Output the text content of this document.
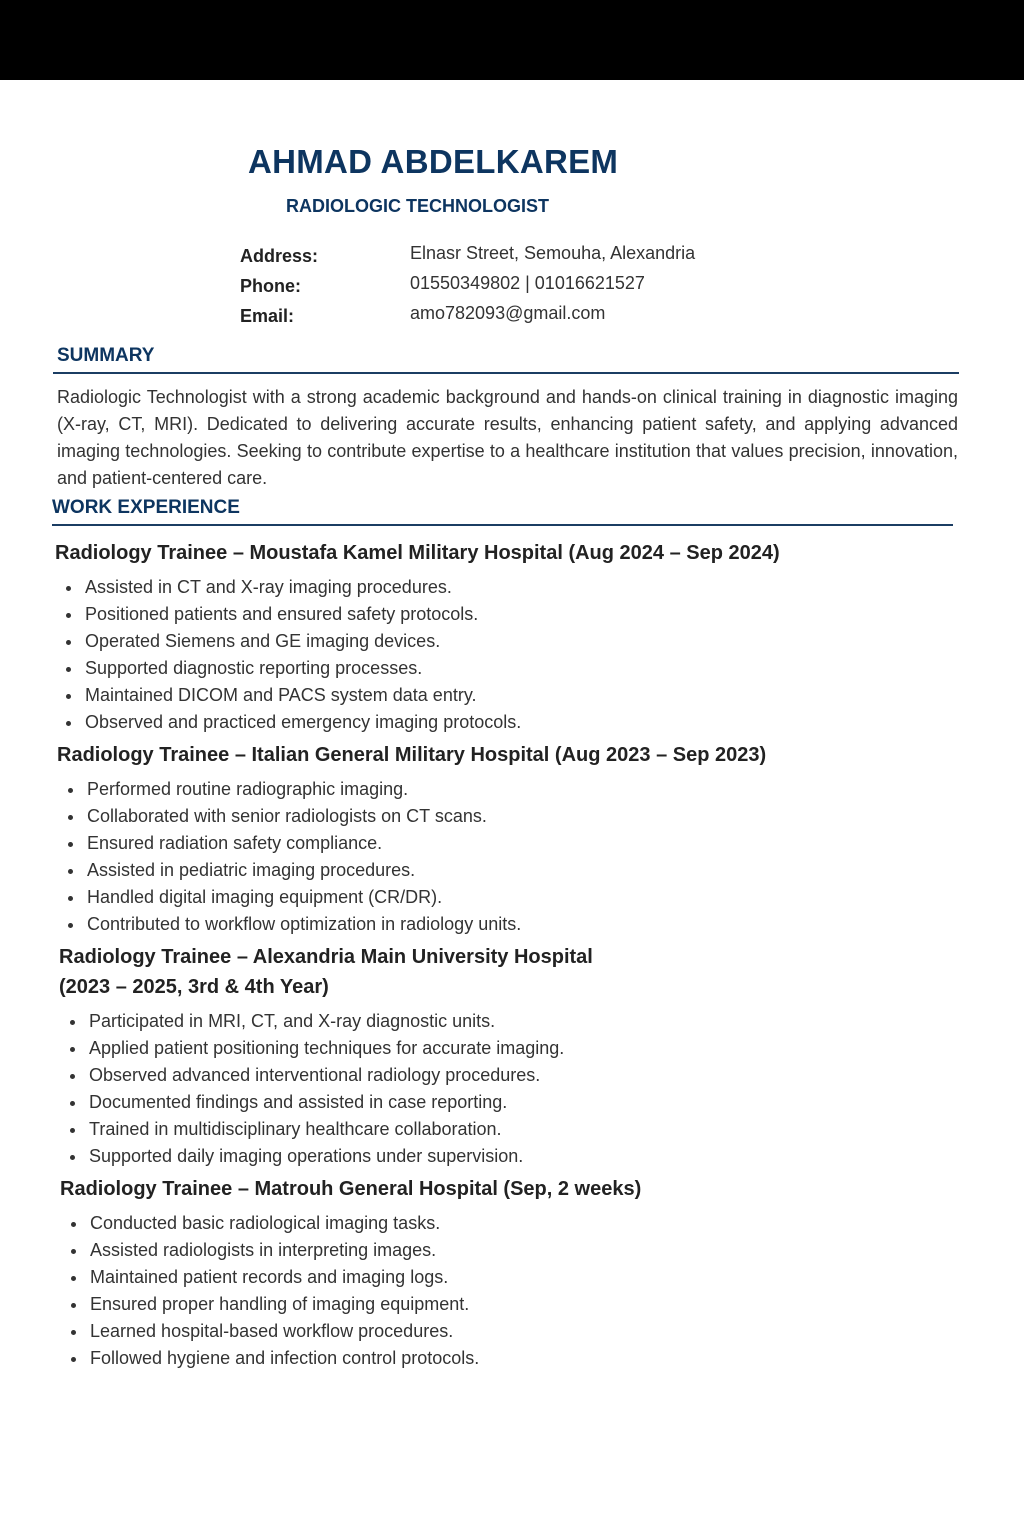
AHMAD ABDELKAREM
RADIOLOGIC TECHNOLOGIST
Address:	Elnasr Street, Semouha, Alexandria
Phone:	01550349802 | 01016621527
Email:	amo782093@gmail.com
SUMMARY
Radiologic Technologist with a strong academic background and hands-on clinical training in diagnostic imaging (X-ray, CT, MRI). Dedicated to delivering accurate results, enhancing patient safety, and applying advanced imaging technologies. Seeking to contribute expertise to a healthcare institution that values precision, innovation, and patient-centered care.
WORK EXPERIENCE
Radiology Trainee – Moustafa Kamel Military Hospital (Aug 2024 – Sep 2024)
• Assisted in CT and X-ray imaging procedures.
• Positioned patients and ensured safety protocols.
• Operated Siemens and GE imaging devices.
• Supported diagnostic reporting processes.
• Maintained DICOM and PACS system data entry.
• Observed and practiced emergency imaging protocols.
Radiology Trainee – Italian General Military Hospital (Aug 2023 – Sep 2023)
• Performed routine radiographic imaging.
• Collaborated with senior radiologists on CT scans.
• Ensured radiation safety compliance.
• Assisted in pediatric imaging procedures.
• Handled digital imaging equipment (CR/DR).
• Contributed to workflow optimization in radiology units.
Radiology Trainee – Alexandria Main University Hospital
(2023 – 2025, 3rd & 4th Year)
• Participated in MRI, CT, and X-ray diagnostic units.
• Applied patient positioning techniques for accurate imaging.
• Observed advanced interventional radiology procedures.
• Documented findings and assisted in case reporting.
• Trained in multidisciplinary healthcare collaboration.
• Supported daily imaging operations under supervision.
Radiology Trainee – Matrouh General Hospital (Sep, 2 weeks)
• Conducted basic radiological imaging tasks.
• Assisted radiologists in interpreting images.
• Maintained patient records and imaging logs.
• Ensured proper handling of imaging equipment.
• Learned hospital-based workflow procedures.
• Followed hygiene and infection control protocols.
